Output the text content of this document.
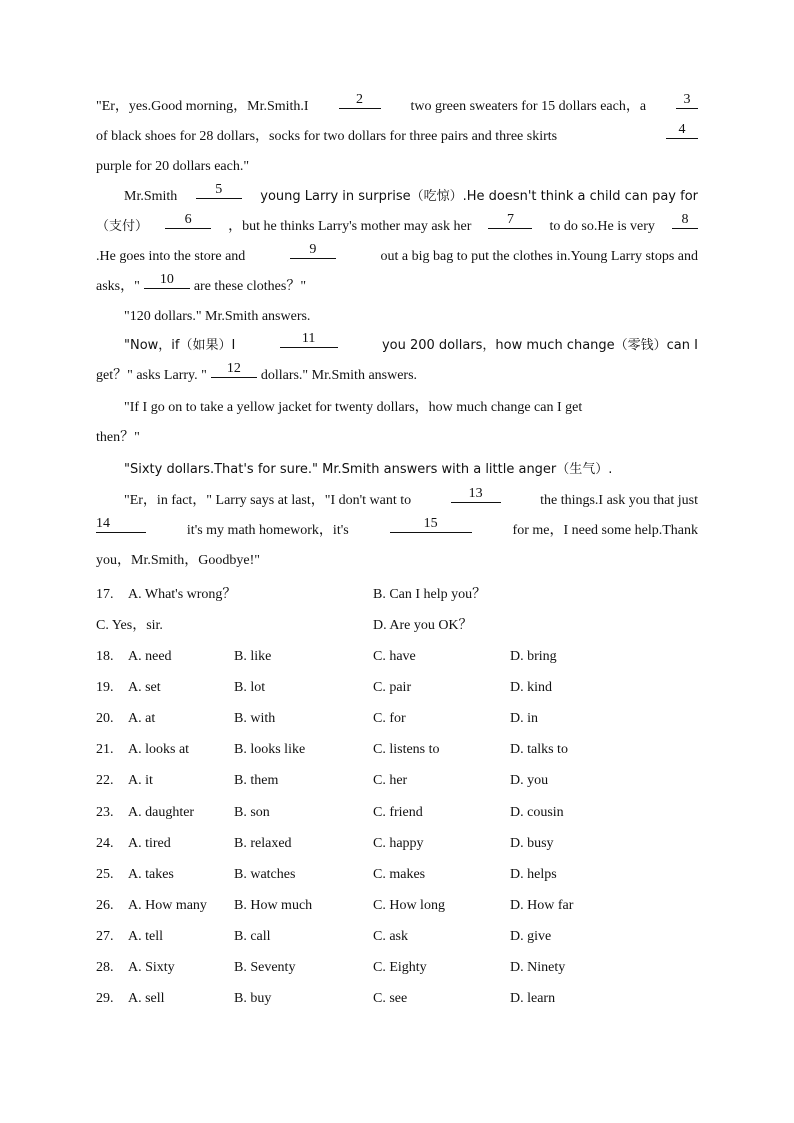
"Er，yes.Good morning，Mr.Smith.I	2	two green sweaters for 15 dollars each，a	3
of black shoes for 28 dollars，socks for two dollars for three pairs and three skirts	4
purple for 20 dollars each."
Mr.Smith	5	young Larry in surprise（吃惊）.He doesn't think a child can pay for
（支付）	6	，but he thinks Larry's mother may ask her	7	to do so.He is very	8
.He goes into the store and	9	out a big bag to put the clothes in.Young Larry stops and
asks，"	10	are these clothes？"
"120 dollars." Mr.Smith answers.
"Now，if（如果）I	11	you 200 dollars，how much change（零钱）can I
get？" asks Larry. "	12	dollars." Mr.Smith answers.
"If I go on to take a yellow jacket for twenty dollars，how much change can I get
then？"
"Sixty dollars.That's for sure." Mr.Smith answers with a little anger（生气）.
"Er，in fact，" Larry says at last，"I don't want to	13	the things.I ask you that just
14	it's my math homework，it's	15	for me，I need some help.Thank
you，Mr.Smith，Goodbye!"
17. A. What's wrong？	B. Can I help you？
C. Yes，sir.	D. Are you OK？
18. A. need	B. like	C. have	D. bring
19. A. set	B. lot	C. pair	D. kind
20. A. at	B. with	C. for	D. in
21. A. looks at	B. looks like	C. listens to	D. talks to
22. A. it	B. them	C. her	D. you
23. A. daughter	B. son	C. friend	D. cousin
24. A. tired	B. relaxed	C. happy	D. busy
25. A. takes	B. watches	C. makes	D. helps
26. A. How many B. How much	C. How long	D. How far
27. A. tell	B. call	C. ask	D. give
28. A. Sixty	B. Seventy	C. Eighty	D. Ninety
29. A. sell	B. buy	C. see	D. learn
